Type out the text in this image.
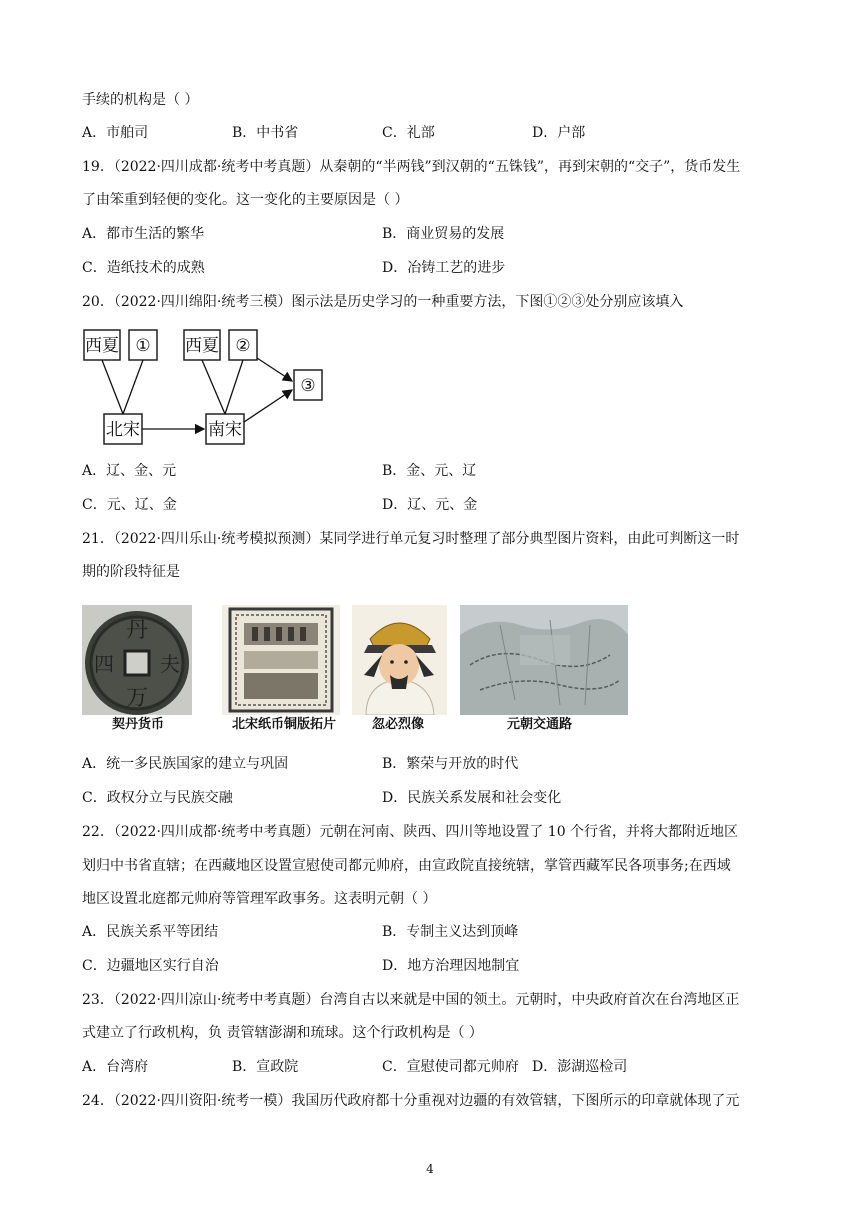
手续的机构是（ ）
A．市舶司	B．中书省	C．礼部	D．户部
19．（2022·四川成都·统考中考真题）从秦朝的“半两钱”到汉朝的“五铢钱”，再到宋朝的“交子”，货币发生
了由笨重到轻便的变化。这一变化的主要原因是（ ）
A．都市生活的繁华	B．商业贸易的发展
C．造纸技术的成熟	D．冶铸工艺的进步
20．（2022·四川绵阳·统考三模）图示法是历史学习的一种重要方法，下图①②③处分别应该填入
西夏 ① 西夏 ②
③
北宋	南宋
A．辽、金、元	B．金、元、辽
C．元、辽、金	D．辽、元、金
21．（2022·四川乐山·统考模拟预测）某同学进行单元复习时整理了部分典型图片资料，由此可判断这一时
期的阶段特征是
丹
万
四 夫
契丹货币	北宋纸币铜版拓片	忽必烈像	元朝交通路
A．统一多民族国家的建立与巩固	B．繁荣与开放的时代
C．政权分立与民族交融	D．民族关系发展和社会变化
22．（2022·四川成都·统考中考真题）元朝在河南、陕西、四川等地设置了 10 个行省，并将大都附近地区
划归中书省直辖；在西藏地区设置宣慰使司都元帅府，由宣政院直接统辖，掌管西藏军民各项事务;在西域
地区设置北庭都元帅府等管理军政事务。这表明元朝（ ）
A．民族关系平等团结	B．专制主义达到顶峰
C．边疆地区实行自治	D．地方治理因地制宜
23．（2022·四川凉山·统考中考真题）台湾自古以来就是中国的领土。元朝时，中央政府首次在台湾地区正
式建立了行政机构，负 责管辖澎湖和琉球。这个行政机构是（ ）
A．台湾府	B．宣政院	C．宣慰使司都元帅府 D．澎湖巡检司
24．（2022·四川资阳·统考一模）我国历代政府都十分重视对边疆的有效管辖，下图所示的印章就体现了元
4
